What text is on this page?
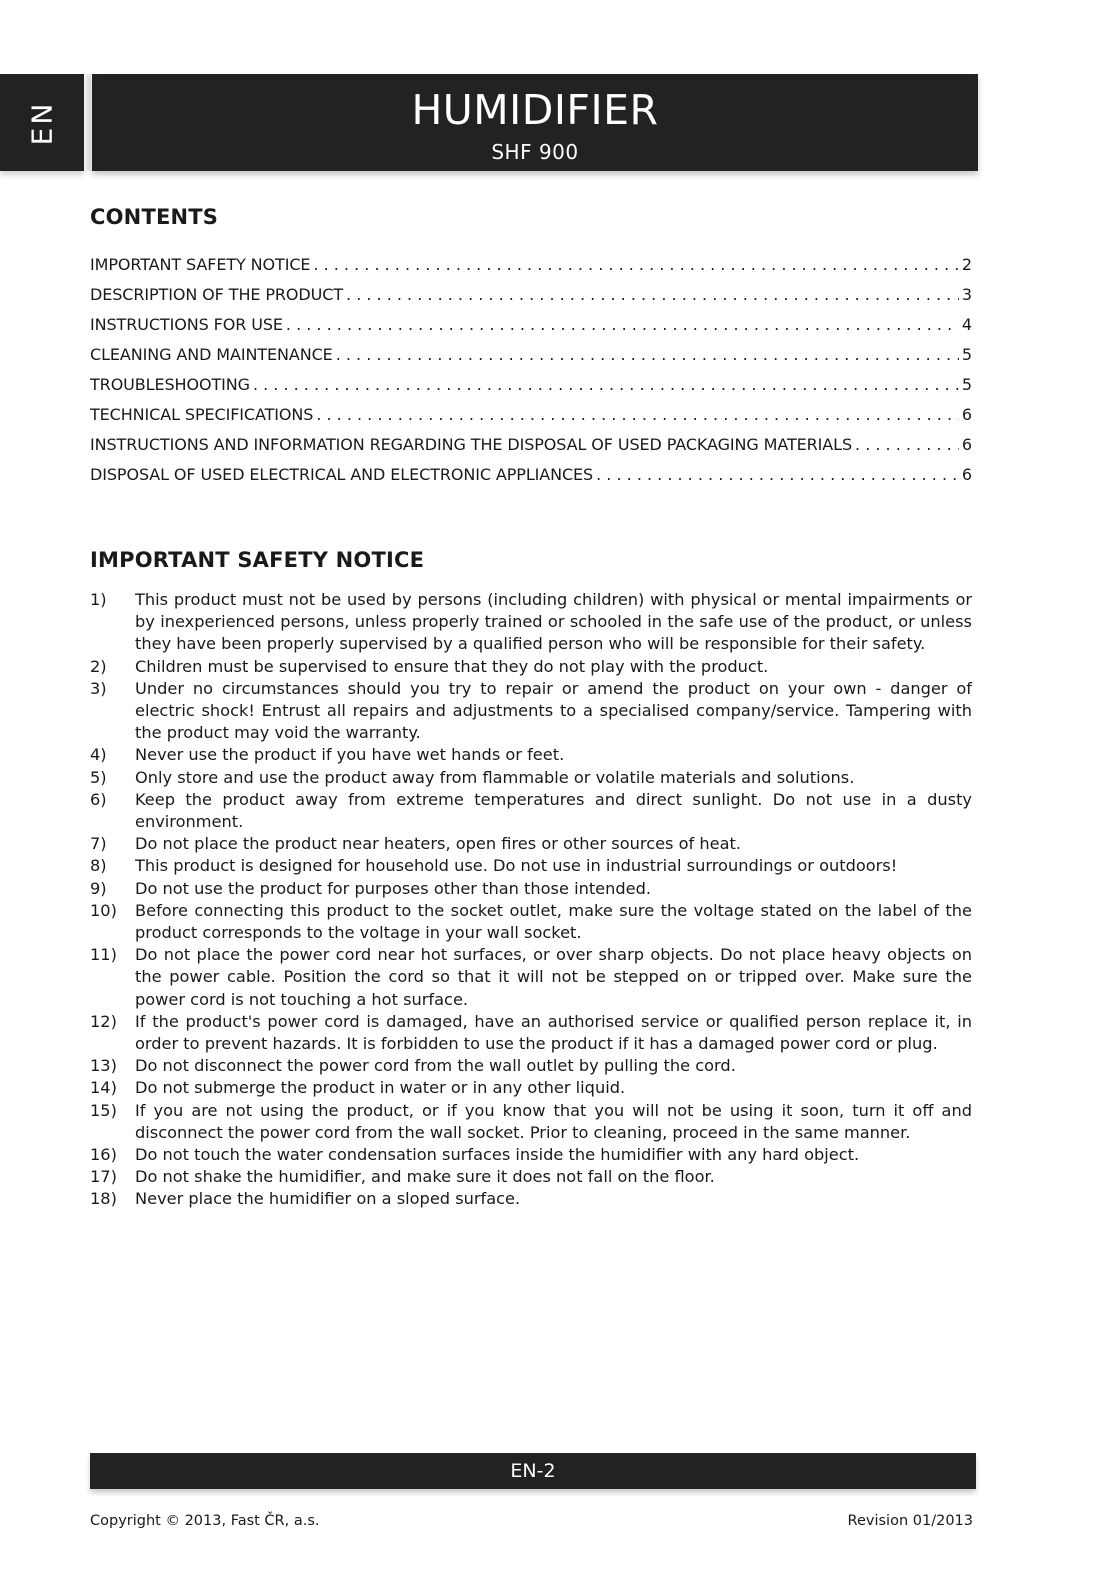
EN	HUMIDIFIER
SHF 900
CONTENTS
IMPORTANT SAFETY NOTICE . . .	2
DESCRIPTION OF THE PRODUCT . . .	3
INSTRUCTIONS FOR USE . . .	4
CLEANING AND MAINTENANCE . . .	5
TROUBLESHOOTING . . .	5
TECHNICAL SPECIFICATIONS . . .	6
INSTRUCTIONS AND INFORMATION REGARDING THE DISPOSAL OF USED PACKAGING MATERIALS . . .	6
DISPOSAL OF USED ELECTRICAL AND ELECTRONIC APPLIANCES . . .	6
IMPORTANT SAFETY NOTICE
1)	This product must not be used by persons (including children) with physical or mental impairments or by inexperienced persons, unless properly trained or schooled in the safe use of the product, or unless they have been properly supervised by a qualified person who will be responsible for their safety.
2)	Children must be supervised to ensure that they do not play with the product.
3)	Under no circumstances should you try to repair or amend the product on your own - danger of electric shock! Entrust all repairs and adjustments to a specialised company/service. Tampering with the product may void the warranty.
4)	Never use the product if you have wet hands or feet.
5)	Only store and use the product away from flammable or volatile materials and solutions.
6)	Keep the product away from extreme temperatures and direct sunlight. Do not use in a dusty environment.
7)	Do not place the product near heaters, open fires or other sources of heat.
8)	This product is designed for household use. Do not use in industrial surroundings or outdoors!
9)	Do not use the product for purposes other than those intended.
10)	Before connecting this product to the socket outlet, make sure the voltage stated on the label of the product corresponds to the voltage in your wall socket.
11)	Do not place the power cord near hot surfaces, or over sharp objects. Do not place heavy objects on the power cable. Position the cord so that it will not be stepped on or tripped over. Make sure the power cord is not touching a hot surface.
12)	If the product's power cord is damaged, have an authorised service or qualified person replace it, in order to prevent hazards. It is forbidden to use the product if it has a damaged power cord or plug.
13)	Do not disconnect the power cord from the wall outlet by pulling the cord.
14)	Do not submerge the product in water or in any other liquid.
15)	If you are not using the product, or if you know that you will not be using it soon, turn it off and disconnect the power cord from the wall socket. Prior to cleaning, proceed in the same manner.
16)	Do not touch the water condensation surfaces inside the humidifier with any hard object.
17)	Do not shake the humidifier, and make sure it does not fall on the floor.
18)	Never place the humidifier on a sloped surface.
EN-2
Copyright © 2013, Fast ČR, a.s.	Revision 01/2013
